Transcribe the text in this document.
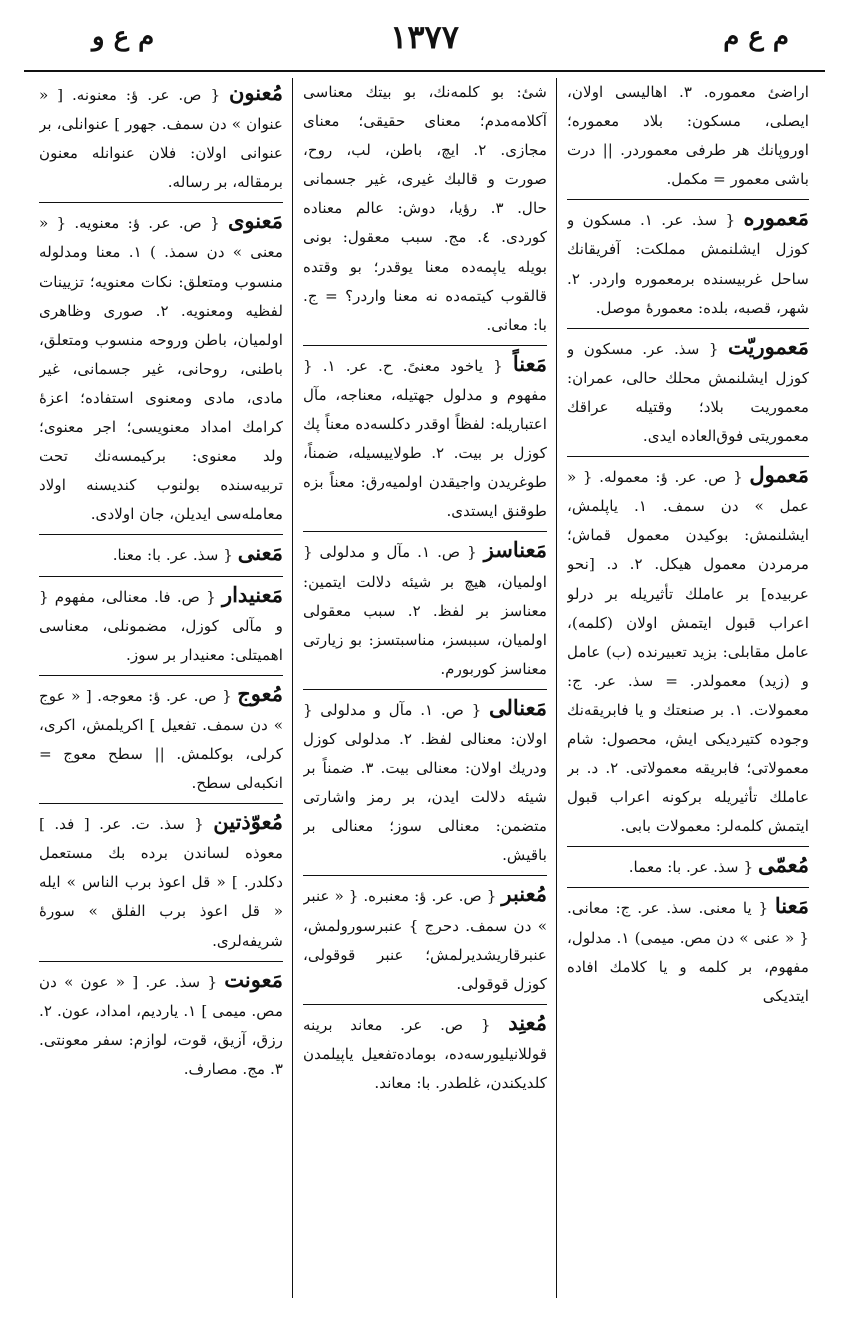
م ع م
١٣٧٧
م ع و

اراضیٔ معموره. ٣. اهالیسی اولان، ایصلی، مسکون: بلاد معموره؛ اوروپانك هر طرفی معموردر. || درت باشی معمور = مکمل.

مَعموره { سذ. عر. ١. مسکون و کوزل ایشلنمش مملکت: آفریقانك ساحل غربیسنده برمعموره واردر. ٢. شهر، قصبه، بلده: معمورهٔ موصل.

مَعموریّت { سذ. عر. مسکون و کوزل ایشلنمش محلك حالی، عمران: معموریت بلاد؛ وقتیله عراقك معموریتی فوق‌العاده ایدی.

مَعمول { ص. عر. ؤ: معموله. { « عمل » دن سمف. ١. یاپلمش، ایشلنمش: بوکیدن معمول قماش؛ مرمردن معمول هیکل. ٢. د. [نحو عربیده] بر عاملك تأثیریله بر درلو اعراب قبول ایتمش اولان (کلمه)، عامل مقابلی: بزید تعبیرنده (ب) عامل و (زید) معمولدر. = سذ. عر. ج: معمولات. ١. بر صنعتك و یا فابریقه‌نك وجوده کتیردیکی ایش، محصول: شام معمولاتی؛ فابریقه معمولاتی. ٢. د. بر عاملك تأثیریله برکونه اعراب قبول ایتمش کلمه‌لر: معمولات بابی.

مُعمّی { سذ. عر. با: معما.

مَعنا { یا معنی. سذ. عر. ج: معانی. { « عنی » دن مص. میمی) ١. مدلول، مفهوم، بر کلمه و یا کلامك افاده ایتدیکی

شیٔ: بو کلمه‌نك، بو بیتك معناسی آکلامه‌مدم؛ معنای حقیقی؛ معنای مجازی. ٢. ایچ، باطن، لب، روح، صورت و قالبك غیری، غیر جسمانی حال. ٣. رؤیا، دوش: عالم معناده کوردی. ٤. مج. سبب معقول: بونی بویله یاپمه‌ده معنا یوقدر؛ بو وقتده قالقوب کیتمه‌ده نه معنا واردر؟ = ج. با: معانی.

مَعناً { یاخود معنیً. ح. عر. ١. { مفهوم و مدلول جهتیله، معناجه، مآل اعتباریله: لفظاً اوقدر دکلسه‌ده معناً پك کوزل بر بیت. ٢. طولاییسیله، ضمناً، طوغریدن واجیقدن اولمیه‌رق: معناً بزه طوقنق ایستدی.

مَعناسز { ص. ١. مآل و مدلولی { اولمیان، هیچ بر شیئه دلالت ایتمین: معناسز بر لفظ. ٢. سبب معقولی اولمیان، سببسز، مناسبتسز: بو زیارتی معناسز کوربورم.

مَعنالی { ص. ١. مآل و مدلولی { اولان: معنالی لفظ. ٢. مدلولی کوزل ودریك اولان: معنالی بیت. ٣. ضمناً بر شیئه دلالت ایدن، بر رمز واشارتی متضمن: معنالی سوز؛ معنالی بر باقیش.

مُعنبر { ص. عر. ؤ: معنبره. { « عنبر » دن سمف. دحرج } عنبرسورولمش، عنبرقاریشدیرلمش؛ عنبر قوقولی، کوزل قوقولی.

مُعنِد { ص. عر. معاند برینه قوللانیلیورسه‌ده، بوماده‌تفعیل یاپیلمدن کلدیکندن، غلطدر. با: معاند.

مُعنون { ص. عر. ؤ: معنونه. [ « عنوان » دن سمف. جهور ] عنوانلی، بر عنوانی اولان: فلان عنوانله معنون برمقاله، بر رساله.

مَعنوی { ص. عر. ؤ: معنویه. { « معنی » دن سمذ. ) ١. معنا ومدلوله منسوب ومتعلق: نکات معنویه؛ تزیینات لفظیه ومعنویه. ٢. صوری وظاهری اولمیان، باطن وروحه منسوب ومتعلق، باطنی، روحانی، غیر جسمانی، غیر مادی، مادی ومعنوی استفاده؛ اعزهٔ کرامك امداد معنویسی؛ اجر معنوی؛ ولد معنوی: برکیمسه‌نك تحت تربیه‌سنده بولنوب کندیسنه اولاد معامله‌سی ایدیلن، جان اولادی.

مَعنی { سذ. عر. با: معنا.

مَعنیدار { ص. فا. معنالی، مفهوم { و مآلی کوزل، مضمونلی، معناسی اهمیتلی: معنیدار بر سوز.

مُعوج { ص. عر. ؤ: معوجه. [ « عوج » دن سمف. تفعیل ] اکریلمش، اکری، کرلی، بوکلمش. || سطح معوج = انکبه‌لی سطح.

مُعوّذتین { سذ. ت. عر. [ فد. ] معوذه لساندن برده بك مستعمل دکلدر. ] « قل اعوذ برب الناس » ایله « قل اعوذ برب الفلق » سورهٔ شریفه‌لری.

مَعونت { سذ. عر. [ « عون » دن مص. میمی ] ١. یاردیم، امداد، عون. ٢. رزق، آزیق، قوت، لوازم: سفر معونتی. ٣. مج. مصارف.
